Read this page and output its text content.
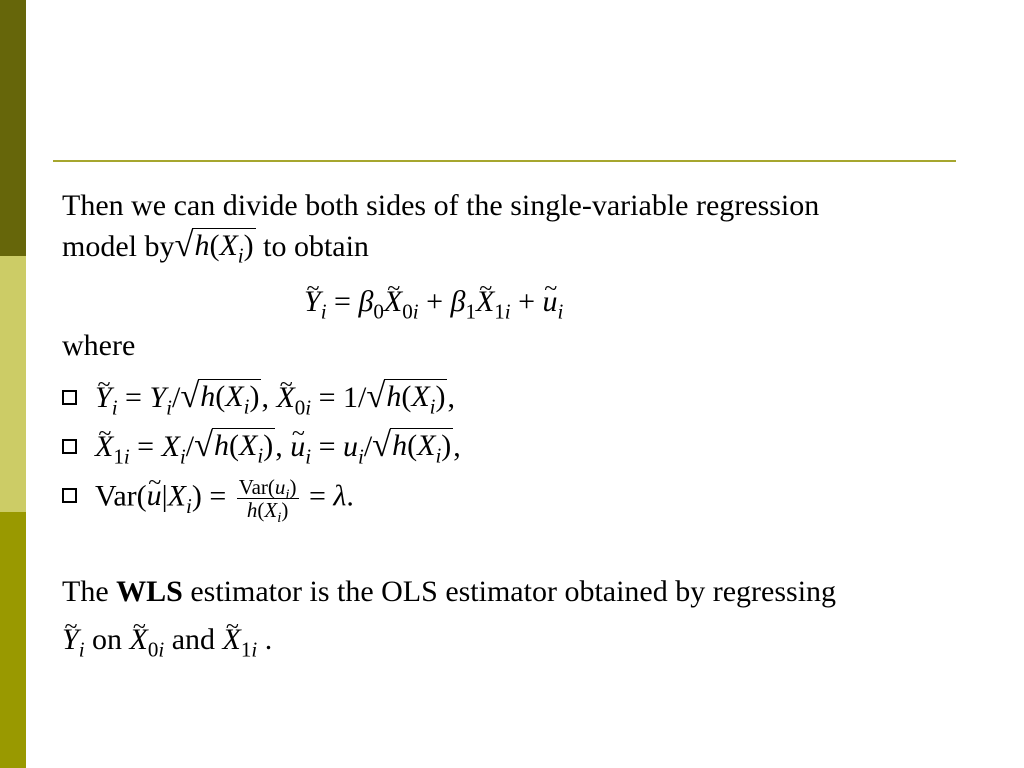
Then we can divide both sides of the single-variable regression
model by √ $h(X_i)$ to obtain
~ $Y_i$ = $\beta_0\sim$ $X_{0i}$ + $\beta_1\sim$ $X_{1i}$ + ~ $u_i$
where
~ $Y_i = Y_i/$ √ $h(X_i)$ , ~ $X_{0i} = 1/$ √ $h(X_i)$ ,
~ $X_{1i} = X_i/$ √ $h(X_i)$ , ~ $u_i = u_i/$ √ $h(X_i)$ ,
Var(~ $u|X_i) = \frac{Var(u_i)}{h(X_i)} = \lambda$.
The WLS estimator is the OLS estimator obtained by regressing
~ $Y_i$ on ~ $X_{0i}$ and ~ $X_{1i}$ .
